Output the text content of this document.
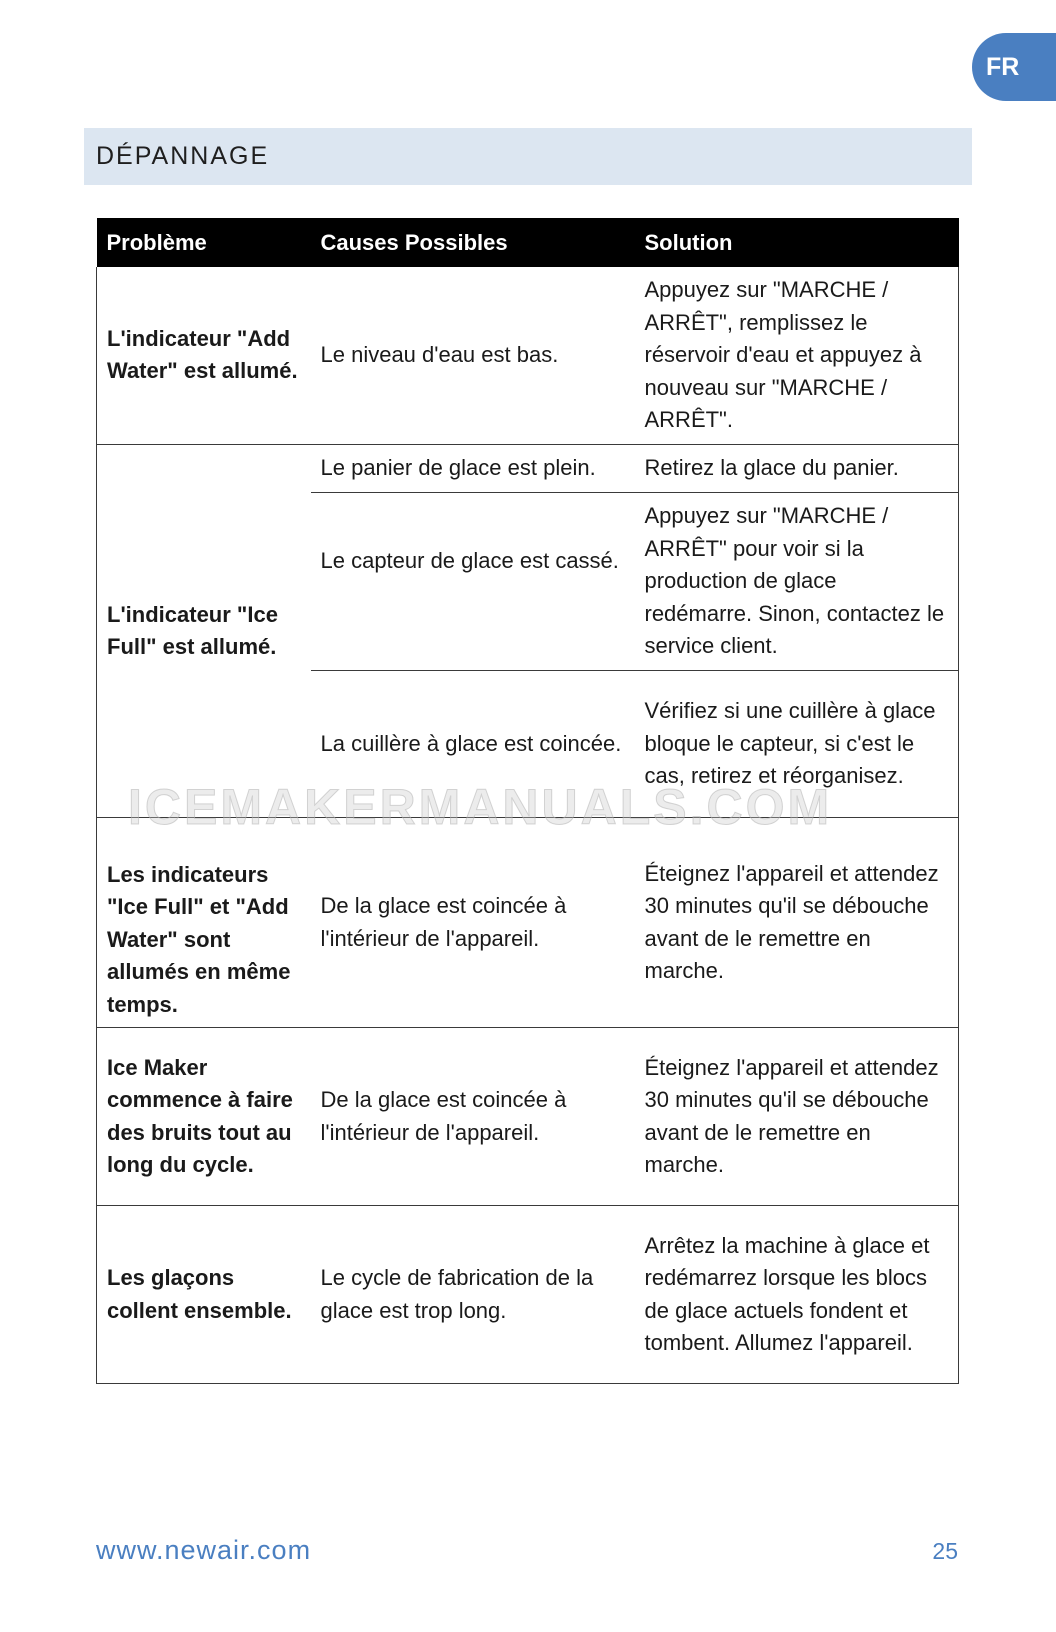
FR
DÉPANNAGE
Problème	Causes Possibles	Solution
L'indicateur "Add Water" est allumé.	Le niveau d'eau est bas.	Appuyez sur "MARCHE / ARRÊT", remplissez le réservoir d'eau et appuyez à nouveau sur "MARCHE / ARRÊT".
L'indicateur "Ice Full" est allumé.	Le panier de glace est plein.	Retirez la glace du panier.
	Le capteur de glace est cassé.	Appuyez sur "MARCHE / ARRÊT" pour voir si la production de glace redémarre. Sinon, contactez le service client.
	La cuillère à glace est coincée.	Vérifiez si une cuillère à glace bloque le capteur, si c'est le cas, retirez et réorganisez.
Les indicateurs "Ice Full" et "Add Water" sont allumés en même temps.	De la glace est coincée à l'intérieur de l'appareil.	Éteignez l'appareil et attendez 30 minutes qu'il se débouche avant de le remettre en marche.
Ice Maker commence à faire des bruits tout au long du cycle.	De la glace est coincée à l'intérieur de l'appareil.	Éteignez l'appareil et attendez 30 minutes qu'il se débouche avant de le remettre en marche.
Les glaçons collent ensemble.	Le cycle de fabrication de la glace est trop long.	Arrêtez la machine à glace et redémarrez lorsque les blocs de glace actuels fondent et tombent. Allumez l'appareil.
ICEMAKERMANUALS.COM
www.newair.com	25
